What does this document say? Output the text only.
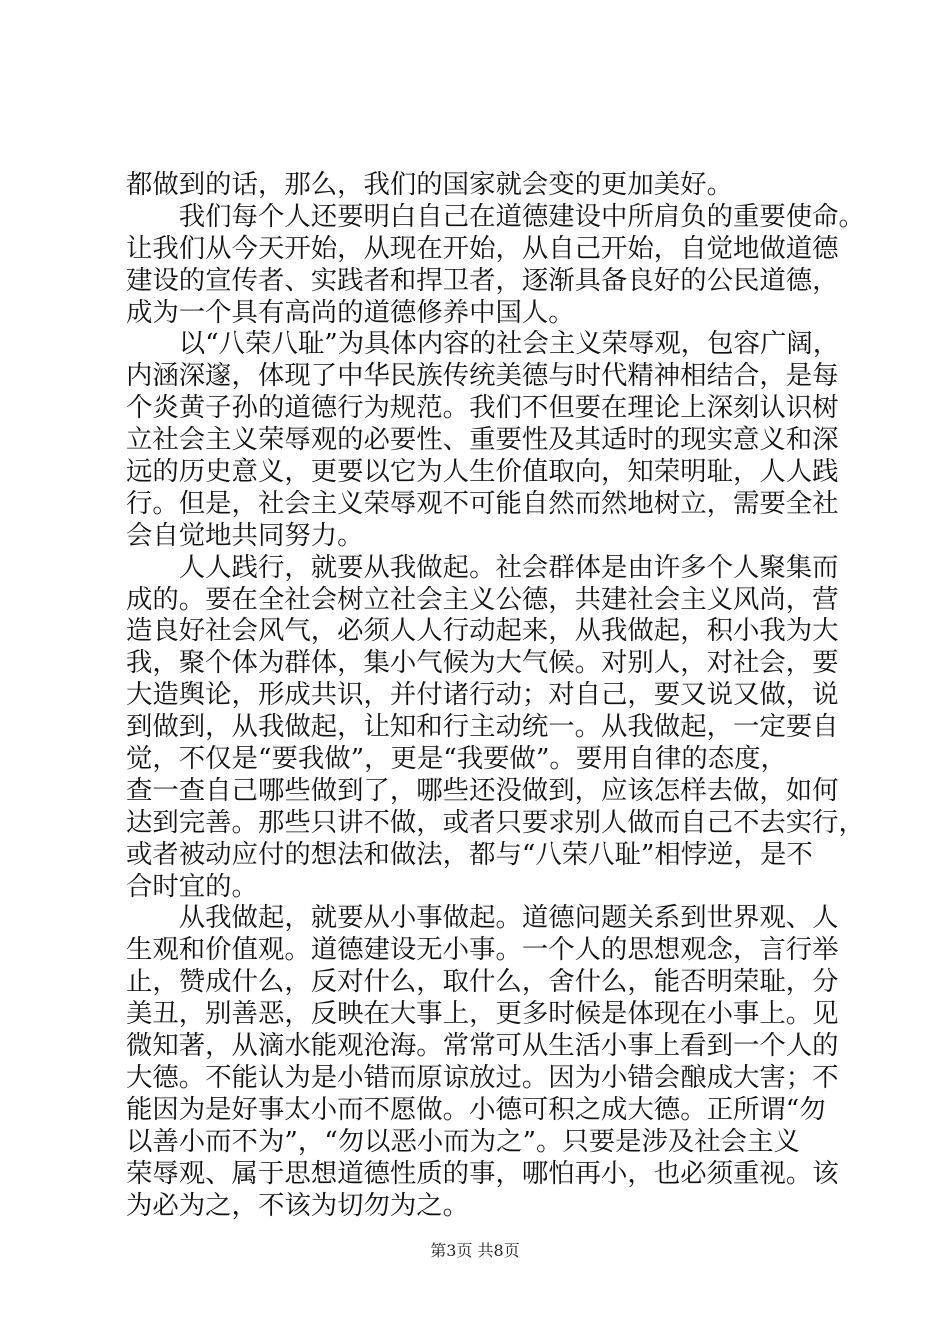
都做到的话，那么，我们的国家就会变的更加美好。
　　我们每个人还要明白自己在道德建设中所肩负的重要使命。
让我们从今天开始，从现在开始，从自己开始，自觉地做道德
建设的宣传者、实践者和捍卫者，逐渐具备良好的公民道德，
成为一个具有高尚的道德修养中国人。
　　以“八荣八耻”为具体内容的社会主义荣辱观，包容广阔，
内涵深邃，体现了中华民族传统美德与时代精神相结合，是每
个炎黄子孙的道德行为规范。我们不但要在理论上深刻认识树
立社会主义荣辱观的必要性、重要性及其适时的现实意义和深
远的历史意义，更要以它为人生价值取向，知荣明耻，人人践
行。但是，社会主义荣辱观不可能自然而然地树立，需要全社
会自觉地共同努力。
　　人人践行，就要从我做起。社会群体是由许多个人聚集而
成的。要在全社会树立社会主义公德，共建社会主义风尚，营
造良好社会风气，必须人人行动起来，从我做起，积小我为大
我，聚个体为群体，集小气候为大气候。对别人，对社会，要
大造舆论，形成共识，并付诸行动；对自己，要又说又做，说
到做到，从我做起，让知和行主动统一。从我做起，一定要自
觉，不仅是“要我做”，更是“我要做”。要用自律的态度，
查一查自己哪些做到了，哪些还没做到，应该怎样去做，如何
达到完善。那些只讲不做，或者只要求别人做而自己不去实行，
或者被动应付的想法和做法，都与“八荣八耻”相悖逆，是不
合时宜的。
　　从我做起，就要从小事做起。道德问题关系到世界观、人
生观和价值观。道德建设无小事。一个人的思想观念，言行举
止，赞成什么，反对什么，取什么，舍什么，能否明荣耻，分
美丑，别善恶，反映在大事上，更多时候是体现在小事上。见
微知著，从滴水能观沧海。常常可从生活小事上看到一个人的
大德。不能认为是小错而原谅放过。因为小错会酿成大害；不
能因为是好事太小而不愿做。小德可积之成大德。正所谓“勿
以善小而不为”，“勿以恶小而为之”。只要是涉及社会主义
荣辱观、属于思想道德性质的事，哪怕再小，也必须重视。该
为必为之，不该为切勿为之。
第3页 共8页
